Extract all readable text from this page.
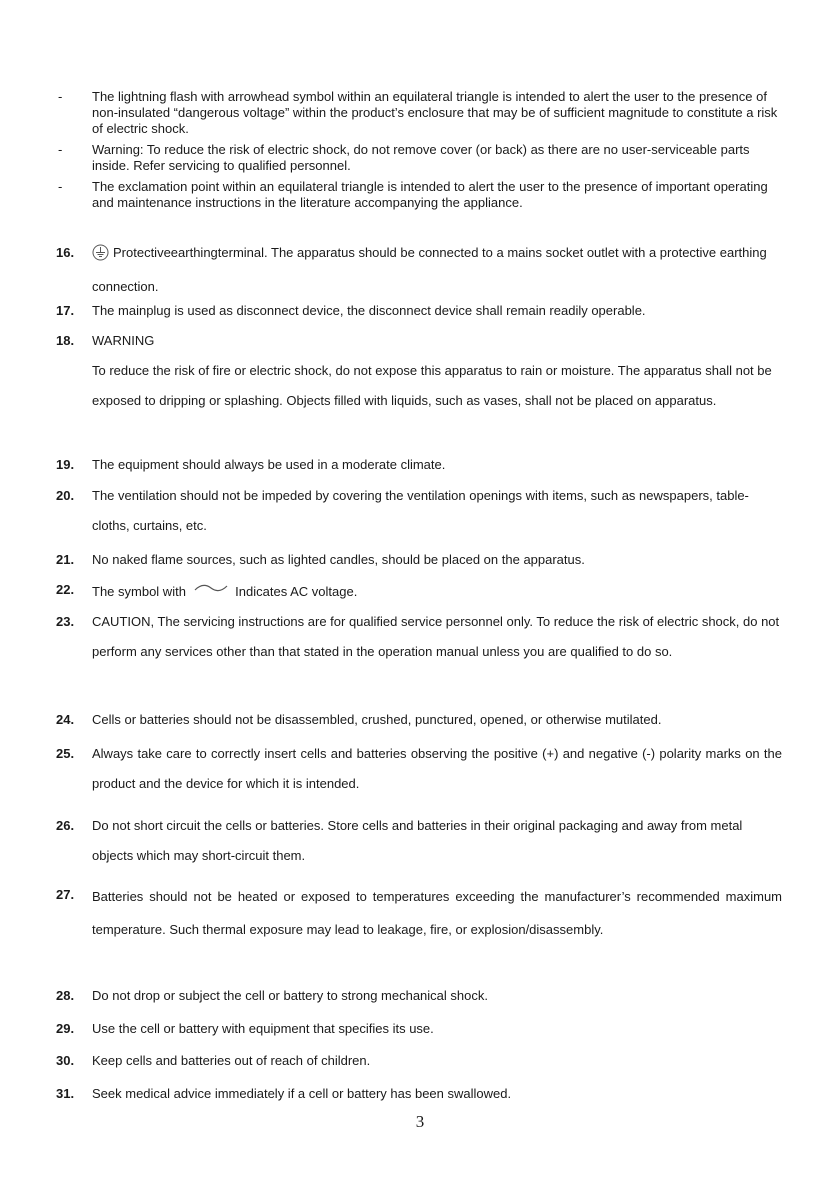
- The lightning flash with arrowhead symbol within an equilateral triangle is intended to alert the user to the presence of non-insulated “dangerous voltage” within the product’s enclosure that may be of sufficient magnitude to constitute a risk of electric shock.
- Warning: To reduce the risk of electric shock, do not remove cover (or back) as there are no user-serviceable parts inside. Refer servicing to qualified personnel.
- The exclamation point within an equilateral triangle is intended to alert the user to the presence of important operating and maintenance instructions in the literature accompanying the appliance.
16.	Protectiveearthingterminal. The apparatus should be connected to a mains socket outlet with a protective earthing connection.
17. The mainplug is used as disconnect device, the disconnect device shall remain readily operable.
18. WARNING
To reduce the risk of fire or electric shock, do not expose this apparatus to rain or moisture. The apparatus shall not be exposed to dripping or splashing. Objects filled with liquids, such as vases, shall not be placed on apparatus.
19. The equipment should always be used in a moderate climate.
20. The ventilation should not be impeded by covering the ventilation openings with items, such as newspapers, table-cloths, curtains, etc.
21. No naked flame sources, such as lighted candles, should be placed on the apparatus.
22. The symbol with	Indicates AC voltage.
23. CAUTION, The servicing instructions are for qualified service personnel only. To reduce the risk of electric shock, do not perform any services other than that stated in the operation manual unless you are qualified to do so.
24. Cells or batteries should not be disassembled, crushed, punctured, opened, or otherwise mutilated.
25. Always take care to correctly insert cells and batteries observing the positive (+) and negative (-) polarity marks on the product and the device for which it is intended.
26. Do not short circuit the cells or batteries. Store cells and batteries in their original packaging and away from metal objects which may short-circuit them.
27. Batteries should not be heated or exposed to temperatures exceeding the manufacturer’s recommended maximum temperature. Such thermal exposure may lead to leakage, fire, or explosion/disassembly.
28. Do not drop or subject the cell or battery to strong mechanical shock.
29. Use the cell or battery with equipment that specifies its use.
30. Keep cells and batteries out of reach of children.
31. Seek medical advice immediately if a cell or battery has been swallowed.
3
